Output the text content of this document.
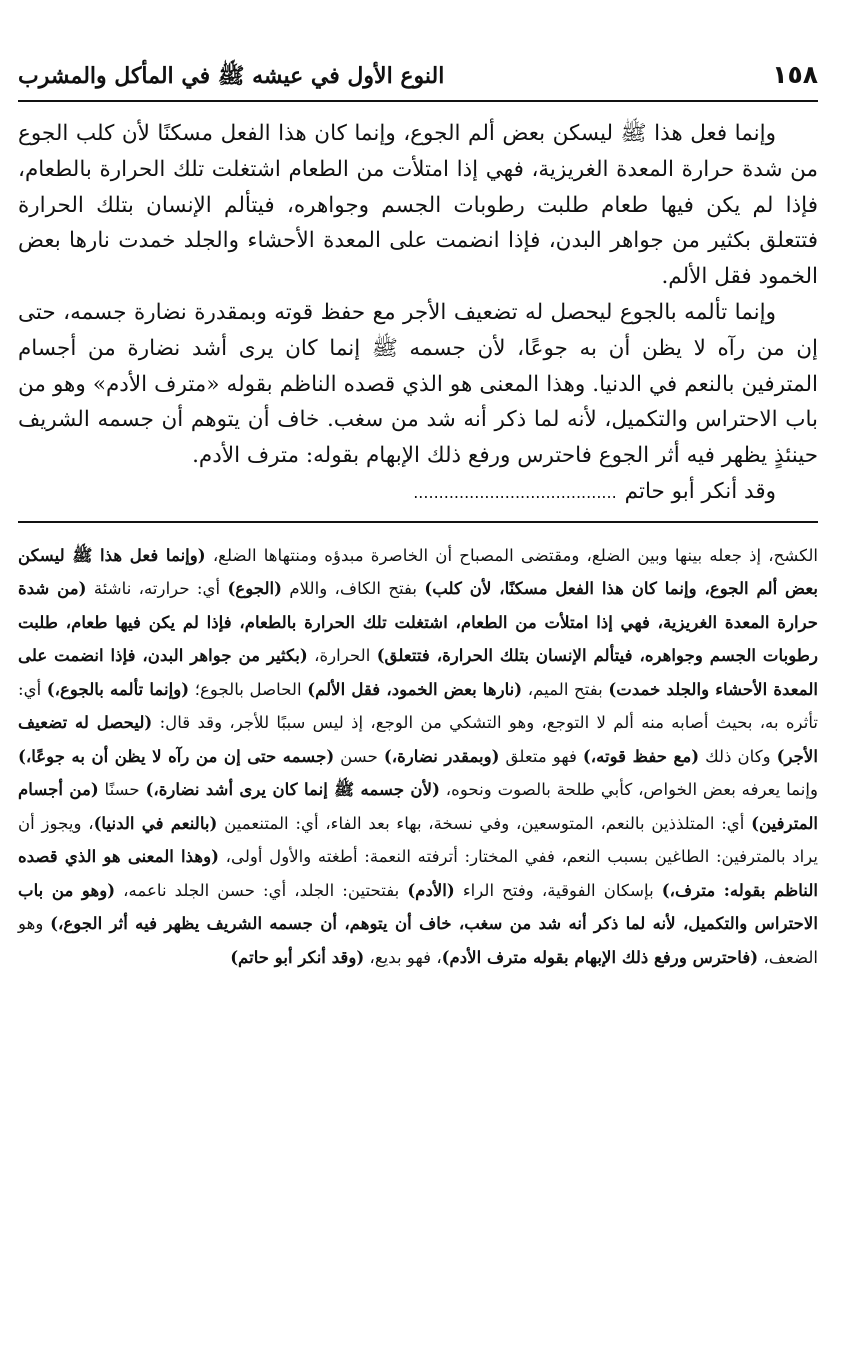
١٥٨
النوع الأول في عيشه ﷺ في المأكل والمشرب

وإنما فعل هذا ﷺ ليسكن بعض ألم الجوع، وإنما كان هذا الفعل مسكنًا لأن كلب الجوع من شدة حرارة المعدة الغريزية، فهي إذا امتلأت من الطعام اشتغلت تلك الحرارة بالطعام، فإذا لم يكن فيها طعام طلبت رطوبات الجسم وجواهره، فيتألم الإنسان بتلك الحرارة فتتعلق بكثير من جواهر البدن، فإذا انضمت على المعدة الأحشاء والجلد خمدت نارها بعض الخمود فقل الألم.

وإنما تألمه بالجوع ليحصل له تضعيف الأجر مع حفظ قوته وبمقدرة نضارة جسمه، حتى إن من رآه لا يظن أن به جوعًا، لأن جسمه ﷺ إنما كان يرى أشد نضارة من أجسام المترفين بالنعم في الدنيا. وهذا المعنى هو الذي قصده الناظم بقوله «مترف الأدم» وهو من باب الاحتراس والتكميل، لأنه لما ذكر أنه شد من سغب. خاف أن يتوهم أن جسمه الشريف حينئذٍ يظهر فيه أثر الجوع فاحترس ورفع ذلك الإبهام بقوله: مترف الأدم.

وقد أنكر أبو حاتم........................................
الكشح، إذ جعله بينها وبين الضلع، ومقتضى المصباح أن الخاصرة مبدؤه ومنتهاها الضلع، (وإنما فعل هذا ﷺ ليسكن بعض ألم الجوع، وإنما كان هذا الفعل مسكنًا، لأن كلب) بفتح الكاف، واللام (الجوع) أي: حرارته، ناشئة (من شدة حرارة المعدة الغريزية، فهي إذا امتلأت من الطعام، اشتغلت تلك الحرارة بالطعام، فإذا لم يكن فيها طعام، طلبت رطوبات الجسم وجواهره، فيتألم الإنسان بتلك الحرارة، فتتعلق) الحرارة، (بكثير من جواهر البدن، فإذا انضمت على المعدة الأحشاء والجلد خمدت) بفتح الميم، (نارها بعض الخمود، فقل الألم) الحاصل بالجوع؛ (وإنما تألمه بالجوع،) أي: تأثره به، بحيث أصابه منه ألم لا التوجع، وهو التشكي من الوجع، إذ ليس سببًا للأجر، وقد قال: (ليحصل له تضعيف الأجر) وكان ذلك (مع حفظ قوته،) فهو متعلق (وبمقدر نضارة،) حسن (جسمه حتى إن من رآه لا يظن أن به جوعًا،) وإنما يعرفه بعض الخواص، كأبي طلحة بالصوت ونحوه، (لأن جسمه ﷺ إنما كان يرى أشد نضارة،) حسنًا (من أجسام المترفين) أي: المتلذذين بالنعم، المتوسعين، وفي نسخة، بهاء بعد الفاء، أي: المتنعمين (بالنعم في الدنيا)، ويجوز أن يراد بالمترفين: الطاغين بسبب النعم، ففي المختار: أترفته النعمة: أطغته والأول أولى، (وهذا المعنى هو الذي قصده الناظم بقوله: مترف،) بإسكان الفوقية، وفتح الراء (الأدم) بفتحتين: الجلد، أي: حسن الجلد ناعمه، (وهو من باب الاحتراس والتكميل، لأنه لما ذكر أنه شد من سغب، خاف أن يتوهم، أن جسمه الشريف يظهر فيه أثر الجوع،) وهو الضعف، (فاحترس ورفع ذلك الإبهام بقوله مترف الأدم)، فهو بديع، (وقد أنكر أبو حاتم)
